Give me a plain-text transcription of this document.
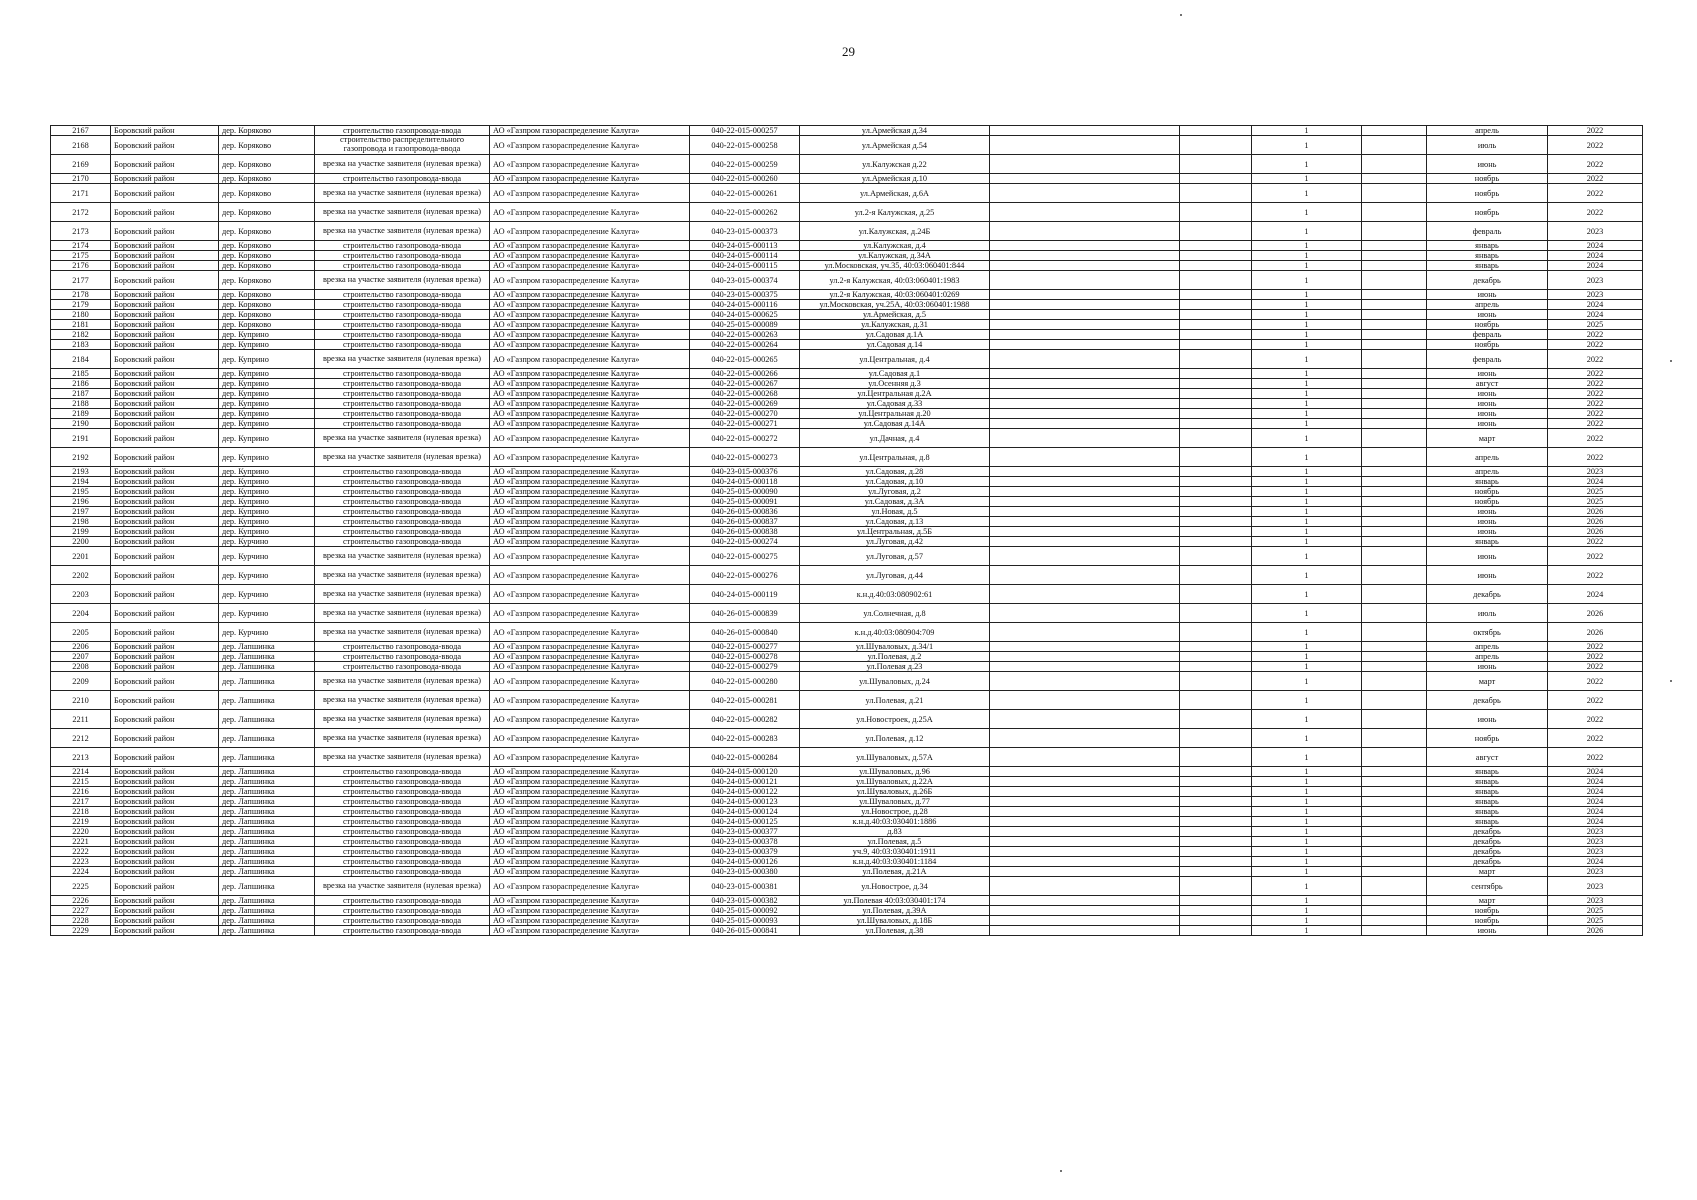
29
2167	Боровский район	дер. Коряково	строительство газопровода-ввода	АО «Газпром газораспределение Калуга»	040-22-015-000257	ул.Армейская д.34			1		апрель	2022
2168	Боровский район	дер. Коряково	строительство распределительного газопровода и газопровода-ввода	АО «Газпром газораспределение Калуга»	040-22-015-000258	ул.Армейская д.54			1		июль	2022
2169	Боровский район	дер. Коряково	врезка на участке заявителя (нулевая врезка)	АО «Газпром газораспределение Калуга»	040-22-015-000259	ул.Калужская д.22			1		июнь	2022
2170	Боровский район	дер. Коряково	строительство газопровода-ввода	АО «Газпром газораспределение Калуга»	040-22-015-000260	ул.Армейская д.10			1		ноябрь	2022
2171	Боровский район	дер. Коряково	врезка на участке заявителя (нулевая врезка)	АО «Газпром газораспределение Калуга»	040-22-015-000261	ул.Армейская, д.6А			1		ноябрь	2022
2172	Боровский район	дер. Коряково	врезка на участке заявителя (нулевая врезка)	АО «Газпром газораспределение Калуга»	040-22-015-000262	ул.2-я Калужская, д.25			1		ноябрь	2022
2173	Боровский район	дер. Коряково	врезка на участке заявителя (нулевая врезка)	АО «Газпром газораспределение Калуга»	040-23-015-000373	ул.Калужская, д.24Б			1		февраль	2023
2174	Боровский район	дер. Коряково	строительство газопровода-ввода	АО «Газпром газораспределение Калуга»	040-24-015-000113	ул.Калужская, д.4			1		январь	2024
2175	Боровский район	дер. Коряково	строительство газопровода-ввода	АО «Газпром газораспределение Калуга»	040-24-015-000114	ул.Калужская, д.34А			1		январь	2024
2176	Боровский район	дер. Коряково	строительство газопровода-ввода	АО «Газпром газораспределение Калуга»	040-24-015-000115	ул.Московская, уч.35, 40:03:060401:844			1		январь	2024
2177	Боровский район	дер. Коряково	врезка на участке заявителя (нулевая врезка)	АО «Газпром газораспределение Калуга»	040-23-015-000374	ул.2-я Калужская, 40:03:060401:1983			1		декабрь	2023
2178	Боровский район	дер. Коряково	строительство газопровода-ввода	АО «Газпром газораспределение Калуга»	040-23-015-000375	ул.2-я Калужская, 40:03:060401:0269			1		июнь	2023
2179	Боровский район	дер. Коряково	строительство газопровода-ввода	АО «Газпром газораспределение Калуга»	040-24-015-000116	ул.Московская, уч.25А, 40:03:060401:1988			1		апрель	2024
2180	Боровский район	дер. Коряково	строительство газопровода-ввода	АО «Газпром газораспределение Калуга»	040-24-015-000625	ул.Армейская, д.5			1		июнь	2024
2181	Боровский район	дер. Коряково	строительство газопровода-ввода	АО «Газпром газораспределение Калуга»	040-25-015-000089	ул.Калужская, д.31			1		ноябрь	2025
2182	Боровский район	дер. Куприно	строительство газопровода-ввода	АО «Газпром газораспределение Калуга»	040-22-015-000263	ул.Садовая д.1А			1		февраль	2022
2183	Боровский район	дер. Куприно	строительство газопровода-ввода	АО «Газпром газораспределение Калуга»	040-22-015-000264	ул.Садовая д.14			1		ноябрь	2022
2184	Боровский район	дер. Куприно	врезка на участке заявителя (нулевая врезка)	АО «Газпром газораспределение Калуга»	040-22-015-000265	ул.Центральная, д.4			1		февраль	2022
2185	Боровский район	дер. Куприно	строительство газопровода-ввода	АО «Газпром газораспределение Калуга»	040-22-015-000266	ул.Садовая д.1			1		июнь	2022
2186	Боровский район	дер. Куприно	строительство газопровода-ввода	АО «Газпром газораспределение Калуга»	040-22-015-000267	ул.Осенняя д.3			1		август	2022
2187	Боровский район	дер. Куприно	строительство газопровода-ввода	АО «Газпром газораспределение Калуга»	040-22-015-000268	ул.Центральная д.2А			1		июнь	2022
2188	Боровский район	дер. Куприно	строительство газопровода-ввода	АО «Газпром газораспределение Калуга»	040-22-015-000269	ул.Садовая д.33			1		июнь	2022
2189	Боровский район	дер. Куприно	строительство газопровода-ввода	АО «Газпром газораспределение Калуга»	040-22-015-000270	ул.Центральная д.20			1		июнь	2022
2190	Боровский район	дер. Куприно	строительство газопровода-ввода	АО «Газпром газораспределение Калуга»	040-22-015-000271	ул.Садовая д.14А			1		июнь	2022
2191	Боровский район	дер. Куприно	врезка на участке заявителя (нулевая врезка)	АО «Газпром газораспределение Калуга»	040-22-015-000272	ул.Дачная, д.4			1		март	2022
2192	Боровский район	дер. Куприно	врезка на участке заявителя (нулевая врезка)	АО «Газпром газораспределение Калуга»	040-22-015-000273	ул.Центральная, д.8			1		апрель	2022
2193	Боровский район	дер. Куприно	строительство газопровода-ввода	АО «Газпром газораспределение Калуга»	040-23-015-000376	ул.Садовая, д.28			1		апрель	2023
2194	Боровский район	дер. Куприно	строительство газопровода-ввода	АО «Газпром газораспределение Калуга»	040-24-015-000118	ул.Садовая, д.10			1		январь	2024
2195	Боровский район	дер. Куприно	строительство газопровода-ввода	АО «Газпром газораспределение Калуга»	040-25-015-000090	ул.Луговая, д.2			1		ноябрь	2025
2196	Боровский район	дер. Куприно	строительство газопровода-ввода	АО «Газпром газораспределение Калуга»	040-25-015-000091	ул.Садовая, д.3А			1		ноябрь	2025
2197	Боровский район	дер. Куприно	строительство газопровода-ввода	АО «Газпром газораспределение Калуга»	040-26-015-000836	ул.Новая, д.5			1		июнь	2026
2198	Боровский район	дер. Куприно	строительство газопровода-ввода	АО «Газпром газораспределение Калуга»	040-26-015-000837	ул.Садовая, д.13			1		июнь	2026
2199	Боровский район	дер. Куприно	строительство газопровода-ввода	АО «Газпром газораспределение Калуга»	040-26-015-000838	ул.Центральная, д.5Б			1		июнь	2026
2200	Боровский район	дер. Курчино	строительство газопровода-ввода	АО «Газпром газораспределение Калуга»	040-22-015-000274	ул.Луговая, д.42			1		январь	2022
2201	Боровский район	дер. Курчино	врезка на участке заявителя (нулевая врезка)	АО «Газпром газораспределение Калуга»	040-22-015-000275	ул.Луговая, д.57			1		июнь	2022
2202	Боровский район	дер. Курчино	врезка на участке заявителя (нулевая врезка)	АО «Газпром газораспределение Калуга»	040-22-015-000276	ул.Луговая, д.44			1		июнь	2022
2203	Боровский район	дер. Курчино	врезка на участке заявителя (нулевая врезка)	АО «Газпром газораспределение Калуга»	040-24-015-000119	к.н.д.40:03:080902:61			1		декабрь	2024
2204	Боровский район	дер. Курчино	врезка на участке заявителя (нулевая врезка)	АО «Газпром газораспределение Калуга»	040-26-015-000839	ул.Солнечная, д.8			1		июль	2026
2205	Боровский район	дер. Курчино	врезка на участке заявителя (нулевая врезка)	АО «Газпром газораспределение Калуга»	040-26-015-000840	к.н.д.40:03:080904:709			1		октябрь	2026
2206	Боровский район	дер. Лапшинка	строительство газопровода-ввода	АО «Газпром газораспределение Калуга»	040-22-015-000277	ул.Шуваловых, д.34/1			1		апрель	2022
2207	Боровский район	дер. Лапшинка	строительство газопровода-ввода	АО «Газпром газораспределение Калуга»	040-22-015-000278	ул.Полевая, д.2			1		апрель	2022
2208	Боровский район	дер. Лапшинка	строительство газопровода-ввода	АО «Газпром газораспределение Калуга»	040-22-015-000279	ул.Полевая д.23			1		июнь	2022
2209	Боровский район	дер. Лапшинка	врезка на участке заявителя (нулевая врезка)	АО «Газпром газораспределение Калуга»	040-22-015-000280	ул.Шуваловых, д.24			1		март	2022
2210	Боровский район	дер. Лапшинка	врезка на участке заявителя (нулевая врезка)	АО «Газпром газораспределение Калуга»	040-22-015-000281	ул.Полевая, д.21			1		декабрь	2022
2211	Боровский район	дер. Лапшинка	врезка на участке заявителя (нулевая врезка)	АО «Газпром газораспределение Калуга»	040-22-015-000282	ул.Новостроек, д.25А			1		июнь	2022
2212	Боровский район	дер. Лапшинка	врезка на участке заявителя (нулевая врезка)	АО «Газпром газораспределение Калуга»	040-22-015-000283	ул.Полевая, д.12			1		ноябрь	2022
2213	Боровский район	дер. Лапшинка	врезка на участке заявителя (нулевая врезка)	АО «Газпром газораспределение Калуга»	040-22-015-000284	ул.Шуваловых, д.57А			1		август	2022
2214	Боровский район	дер. Лапшинка	строительство газопровода-ввода	АО «Газпром газораспределение Калуга»	040-24-015-000120	ул.Шуваловых, д.96			1		январь	2024
2215	Боровский район	дер. Лапшинка	строительство газопровода-ввода	АО «Газпром газораспределение Калуга»	040-24-015-000121	ул.Шуваловых, д.22А			1		январь	2024
2216	Боровский район	дер. Лапшинка	строительство газопровода-ввода	АО «Газпром газораспределение Калуга»	040-24-015-000122	ул.Шуваловых, д.26Б			1		январь	2024
2217	Боровский район	дер. Лапшинка	строительство газопровода-ввода	АО «Газпром газораспределение Калуга»	040-24-015-000123	ул.Шуваловых, д.77			1		январь	2024
2218	Боровский район	дер. Лапшинка	строительство газопровода-ввода	АО «Газпром газораспределение Калуга»	040-24-015-000124	ул.Новострое, д.28			1		январь	2024
2219	Боровский район	дер. Лапшинка	строительство газопровода-ввода	АО «Газпром газораспределение Калуга»	040-24-015-000125	к.н.д.40:03:030401:1886			1		январь	2024
2220	Боровский район	дер. Лапшинка	строительство газопровода-ввода	АО «Газпром газораспределение Калуга»	040-23-015-000377	д.83			1		декабрь	2023
2221	Боровский район	дер. Лапшинка	строительство газопровода-ввода	АО «Газпром газораспределение Калуга»	040-23-015-000378	ул.Полевая, д.5			1		декабрь	2023
2222	Боровский район	дер. Лапшинка	строительство газопровода-ввода	АО «Газпром газораспределение Калуга»	040-23-015-000379	уч.9, 40:03:030401:1911			1		декабрь	2023
2223	Боровский район	дер. Лапшинка	строительство газопровода-ввода	АО «Газпром газораспределение Калуга»	040-24-015-000126	к.н.д.40:03:030401:1184			1		декабрь	2024
2224	Боровский район	дер. Лапшинка	строительство газопровода-ввода	АО «Газпром газораспределение Калуга»	040-23-015-000380	ул.Полевая, д.21А			1		март	2023
2225	Боровский район	дер. Лапшинка	врезка на участке заявителя (нулевая врезка)	АО «Газпром газораспределение Калуга»	040-23-015-000381	ул.Новострое, д.34			1		сентябрь	2023
2226	Боровский район	дер. Лапшинка	строительство газопровода-ввода	АО «Газпром газораспределение Калуга»	040-23-015-000382	ул.Полевая 40:03:030401:174			1		март	2023
2227	Боровский район	дер. Лапшинка	строительство газопровода-ввода	АО «Газпром газораспределение Калуга»	040-25-015-000092	ул.Полевая, д.39А			1		ноябрь	2025
2228	Боровский район	дер. Лапшинка	строительство газопровода-ввода	АО «Газпром газораспределение Калуга»	040-25-015-000093	ул.Шуваловых, д.18Б			1		ноябрь	2025
2229	Боровский район	дер. Лапшинка	строительство газопровода-ввода	АО «Газпром газораспределение Калуга»	040-26-015-000841	ул.Полевая, д.38			1		июнь	2026
